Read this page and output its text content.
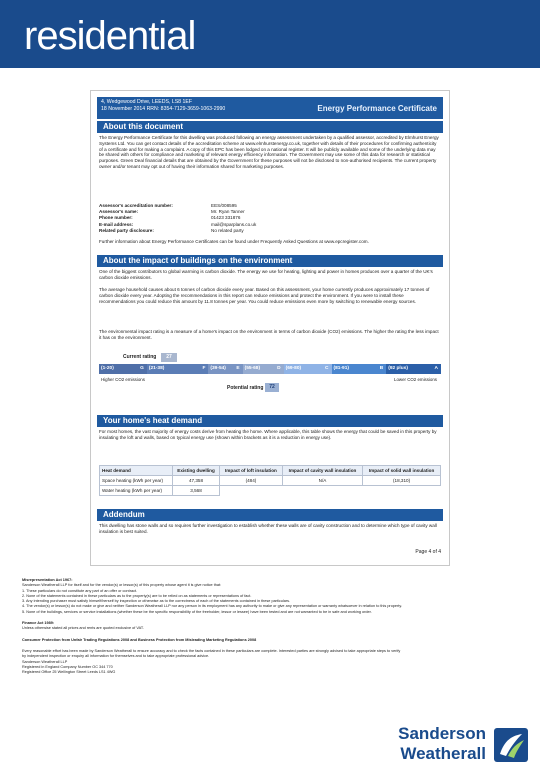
residential
4, Wedgewood Drive, LEEDS, LS8 1EF
18 November 2014 RRN: 8354-7129-3659-1063-2990	Energy Performance Certificate
About this document
The Energy Performance Certificate for this dwelling was produced following an energy assessment undertaken by a qualified assessor, accredited by Elmhurst Energy Systems Ltd. You can get contact details of the accreditation scheme at www.elmhurstenergy.co.uk, together with details of their procedures for confirming authenticity of a certificate and for making a complaint. A copy of this EPC has been lodged on a national register. It will be publicly available and some of the underlying data may be shared with others for compliance and marketing of relevant energy efficiency information. The Government may use some of this data for research or statistical purposes. Green Deal financial details that are obtained by the Government for these purposes will not be disclosed to non-authorised recipients. The current property owner and/or tenant may opt out of having their information shared for marketing purposes.
Assessor's accreditation number:	EES/008595
Assessor's name:	Mr. Ryan Tanner
Phone number:	01423 331876
E-mail address:	mail@sparplans.co.uk
Related party disclosure:	No related party
Further information about Energy Performance Certificates can be found under Frequently Asked Questions at www.epcregister.com.
About the impact of buildings on the environment
One of the biggest contributors to global warming is carbon dioxide. The energy we use for heating, lighting and power in homes produces over a quarter of the UK's carbon dioxide emissions.
The average household causes about 6 tonnes of carbon dioxide every year. Based on this assessment, your home currently produces approximately 17 tonnes of carbon dioxide every year. Adopting the recommendations in this report can reduce emissions and protect the environment. If you were to install these recommendations you could reduce this amount by 11.8 tonnes per year. You could reduce emissions even more by switching to renewable energy sources.
The environmental impact rating is a measure of a home's impact on the environment in terms of carbon dioxide (CO2) emissions. The higher the rating the less impact it has on the environment.
Current rating	27
(1-20)	G	(21-38)	F	(39-54) E	(55-68)	D	(69-80)	C	(81-91)	B	(92 plus)	A
Higher CO2 emissions	Lower CO2 emissions
Potential rating	72
Your home's heat demand
For most homes, the vast majority of energy costs derive from heating the home. Where applicable, this table shows the energy that could be saved in this property by insulating the loft and walls, based on typical energy use (shown within brackets as it is a reduction in energy use).
Heat demand	Existing dwelling	Impact of loft insulation	Impact of cavity wall insulation	Impact of solid wall insulation
Space heating (kWh per year)	47,358	(484)	N/A	(18,310)
Water heating (kWh per year)	3,568			
Addendum
This dwelling has stone walls and so requires further investigation to establish whether these walls are of cavity construction and to determine which type of cavity wall insulation is best suited.
Page 4 of 4
Misrepresentation Act 1967:
Sanderson Weatherall LLP for itself and for the vendor(s) or lessor(s) of this property whose agent it is give notice that:
1. These particulars do not constitute any part of an offer or contract.
2. None of the statements contained in these particulars as to the property(s) are to be relied on as statements or representations of fact.
3. Any intending purchaser must satisfy himself/herself by inspection or otherwise as to the correctness of each of the statements contained in these particulars.
4. The vendor(s) or lessor(s) do not make or give and neither Sanderson Weatherall LLP nor any person in its employment has any authority to make or give any representation or warranty whatsoever in relation to this property.
5. None of the buildings, services or service installations (whether these be the specific responsibility of the freeholder, lessor or lessee) have been tested and are not warranted to be in safe and working order.
Finance Act 1989:
Unless otherwise stated all prices and rents are quoted exclusive of VAT.
Consumer Protection from Unfair Trading Regulations 2008 and Business Protection from Misleading Marketing Regulations 2008
Every reasonable effort has been made by Sanderson Weatherall to ensure accuracy and to check the facts contained in these particulars are complete. Interested parties are strongly advised to take appropriate steps to verify
by independent inspection or enquiry all information for themselves and to take appropriate professional advice.
Sanderson Weatherall LLP
Registered in England Company Number OC 344 770
Registered Office 25 Wellington Street Leeds LS1 4WG
Sanderson
Weatherall
